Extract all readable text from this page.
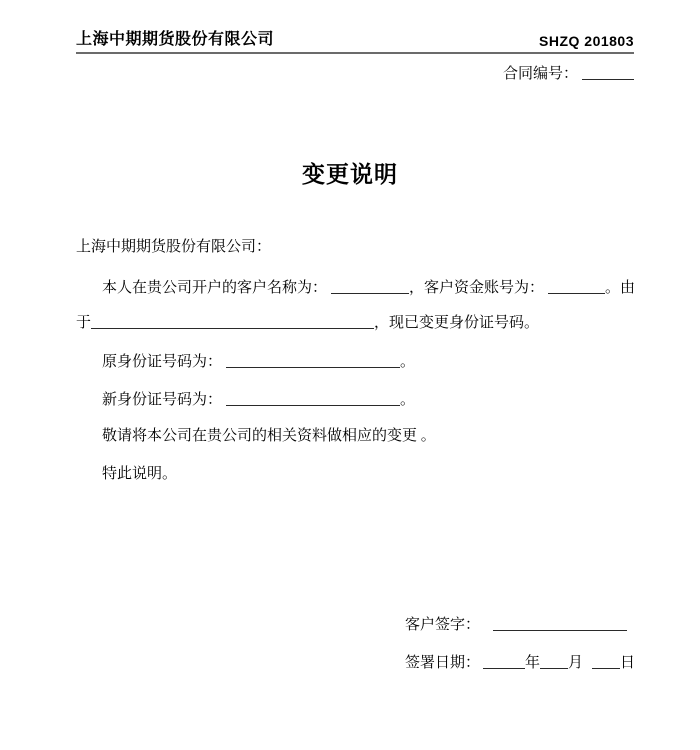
上海中期期货股份有限公司	SHZQ 201803
合同编号：
变更说明
上海中期期货股份有限公司：
本人在贵公司开户的客户名称为：	，客户资金账号为：	。由
于	，现已变更身份证号码。
原身份证号码为：	。
新身份证号码为：	。
敬请将本公司在贵公司的相关资料做相应的变更 。
特此说明。
客户签字：
签署日期：	年 月 日
